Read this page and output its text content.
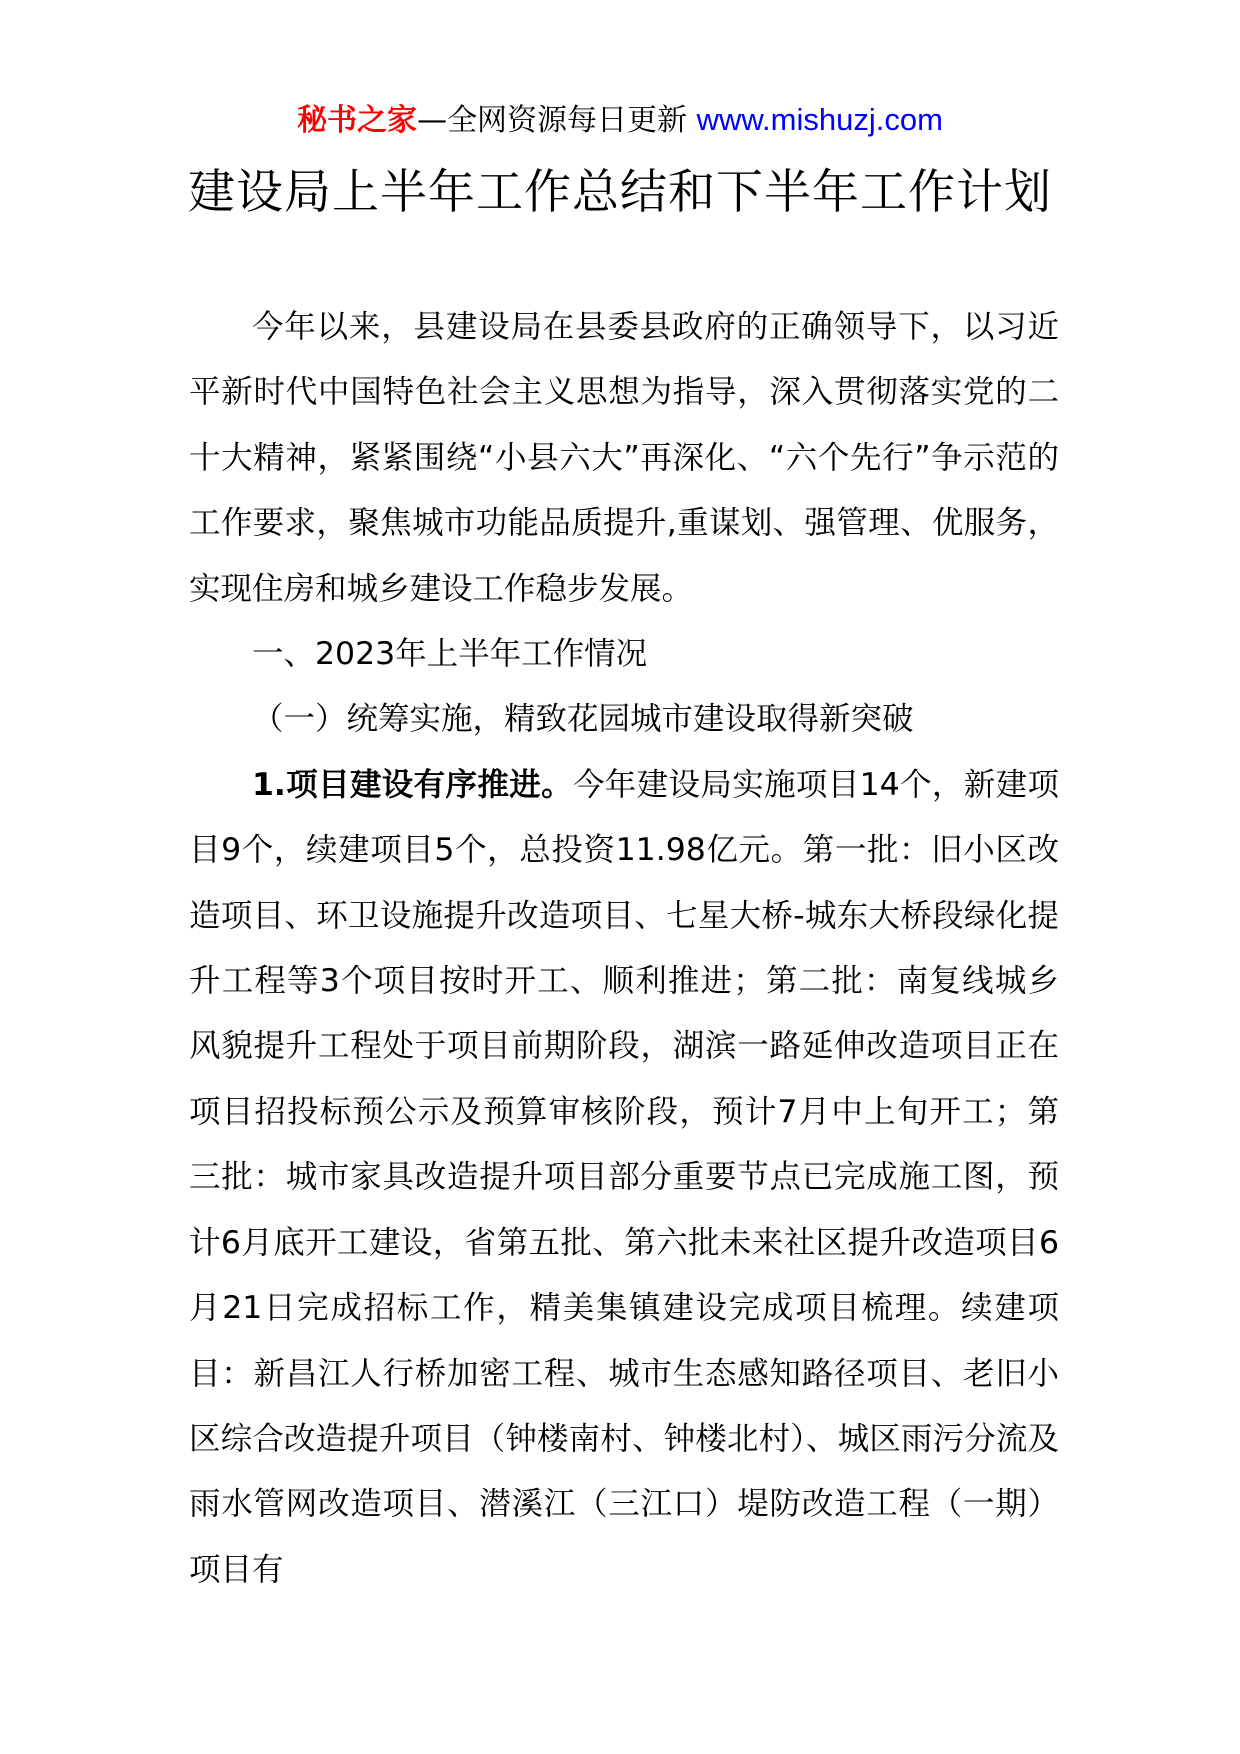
秘书之家—全网资源每日更新 www.mishuzj.com
建设局上半年工作总结和下半年工作计划

今年以来，县建设局在县委县政府的正确领导下，以习近平新时代中国特色社会主义思想为指导，深入贯彻落实党的二十大精神，紧紧围绕“小县六大”再深化、“六个先行”争示范的工作要求，聚焦城市功能品质提升,重谋划、强管理、优服务，实现住房和城乡建设工作稳步发展。

一、2023年上半年工作情况

（一）统筹实施，精致花园城市建设取得新突破

1.项目建设有序推进。今年建设局实施项目14个，新建项目9个，续建项目5个，总投资11.98亿元。第一批：旧小区改造项目、环卫设施提升改造项目、七星大桥-城东大桥段绿化提升工程等3个项目按时开工、顺利推进；第二批：南复线城乡风貌提升工程处于项目前期阶段，湖滨一路延伸改造项目正在项目招投标预公示及预算审核阶段，预计7月中上旬开工；第三批：城市家具改造提升项目部分重要节点已完成施工图，预计6月底开工建设，省第五批、第六批未来社区提升改造项目6月21日完成招标工作，精美集镇建设完成项目梳理。续建项目：新昌江人行桥加密工程、城市生态感知路径项目、老旧小区综合改造提升项目（钟楼南村、钟楼北村）、城区雨污分流及雨水管网改造项目、潜溪江（三江口）堤防改造工程（一期）项目有
